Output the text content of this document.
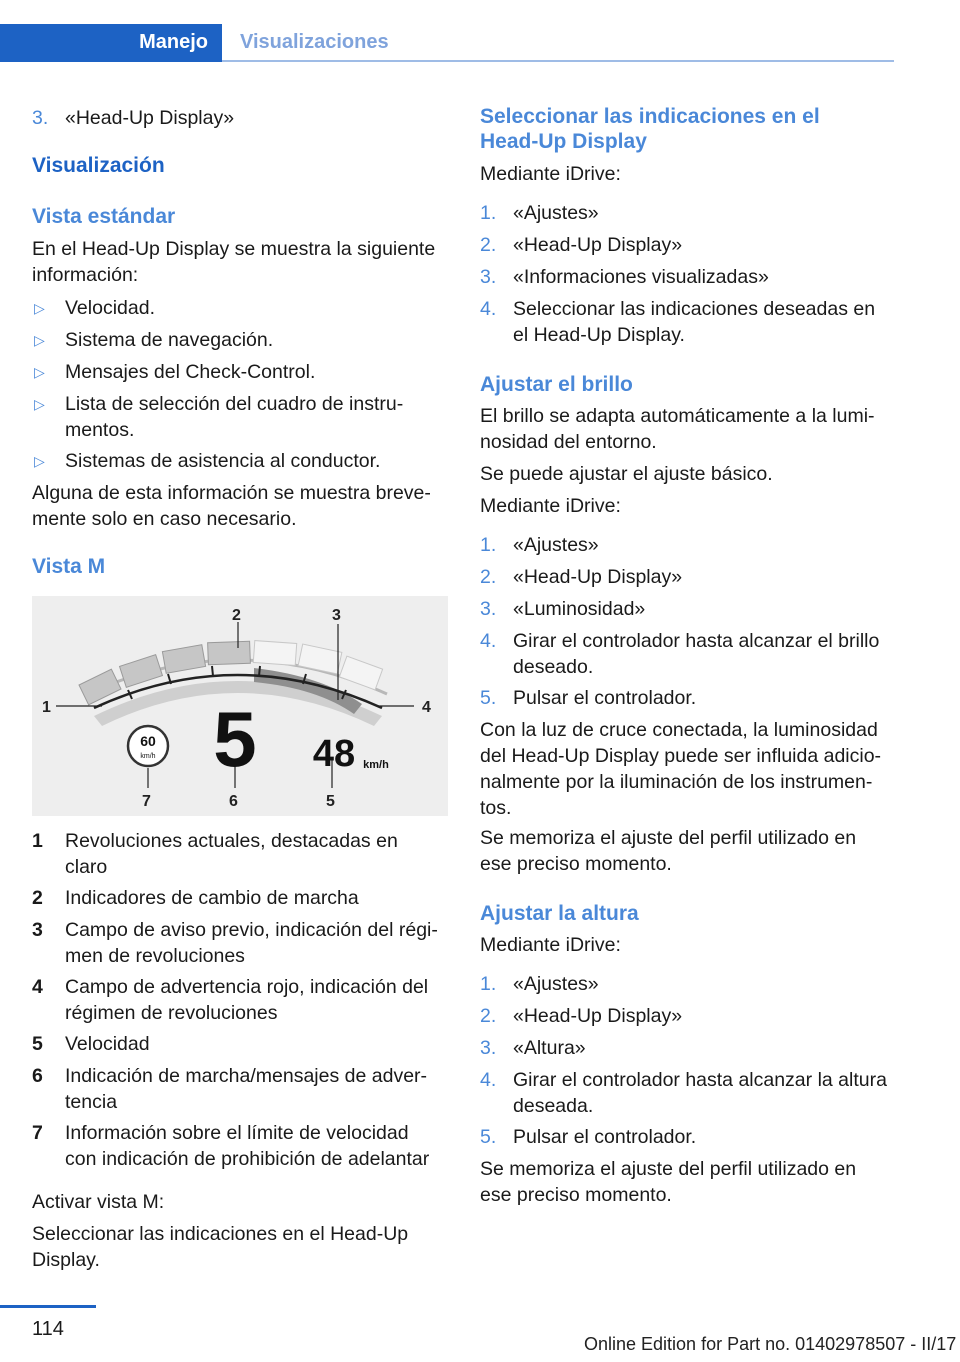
Manejo Visualizaciones
3. «Head-Up Display»
Visualización
Vista estándar
En el Head-Up Display se muestra la siguiente
información:
▷ Velocidad.
▷ Sistema de navegación.
▷ Mensajes del Check-Control.
▷ Lista de selección del cuadro de instru-
mentos.
▷ Sistemas de asistencia al conductor.
Alguna de esta información se muestra breve-
mente solo en caso necesario.
Vista M
60
km/h 5 48 km/h
1
2	3
4
5
6
7
1 Revoluciones actuales, destacadas en
claro
2 Indicadores de cambio de marcha
3 Campo de aviso previo, indicación del régi-
men de revoluciones
4 Campo de advertencia rojo, indicación del
régimen de revoluciones
5 Velocidad
6 Indicación de marcha/mensajes de adver-
tencia
7 Información sobre el límite de velocidad
con indicación de prohibición de adelantar
Activar vista M:
Seleccionar las indicaciones en el Head-Up
Display.
Seleccionar las indicaciones en el
Head-Up Display
Mediante iDrive:
1. «Ajustes»
2. «Head-Up Display»
3. «Informaciones visualizadas»
4. Seleccionar las indicaciones deseadas en
el Head-Up Display.
Ajustar el brillo
El brillo se adapta automáticamente a la lumi-
nosidad del entorno.
Se puede ajustar el ajuste básico.
Mediante iDrive:
1. «Ajustes»
2. «Head-Up Display»
3. «Luminosidad»
4. Girar el controlador hasta alcanzar el brillo
deseado.
5. Pulsar el controlador.
Con la luz de cruce conectada, la luminosidad
del Head-Up Display puede ser influida adicio-
nalmente por la iluminación de los instrumen-
tos.
Se memoriza el ajuste del perfil utilizado en
ese preciso momento.
Ajustar la altura
Mediante iDrive:
1. «Ajustes»
2. «Head-Up Display»
3. «Altura»
4. Girar el controlador hasta alcanzar la altura
deseada.
5. Pulsar el controlador.
Se memoriza el ajuste del perfil utilizado en
ese preciso momento.
114
Online Edition for Part no. 01402978507 - II/17
